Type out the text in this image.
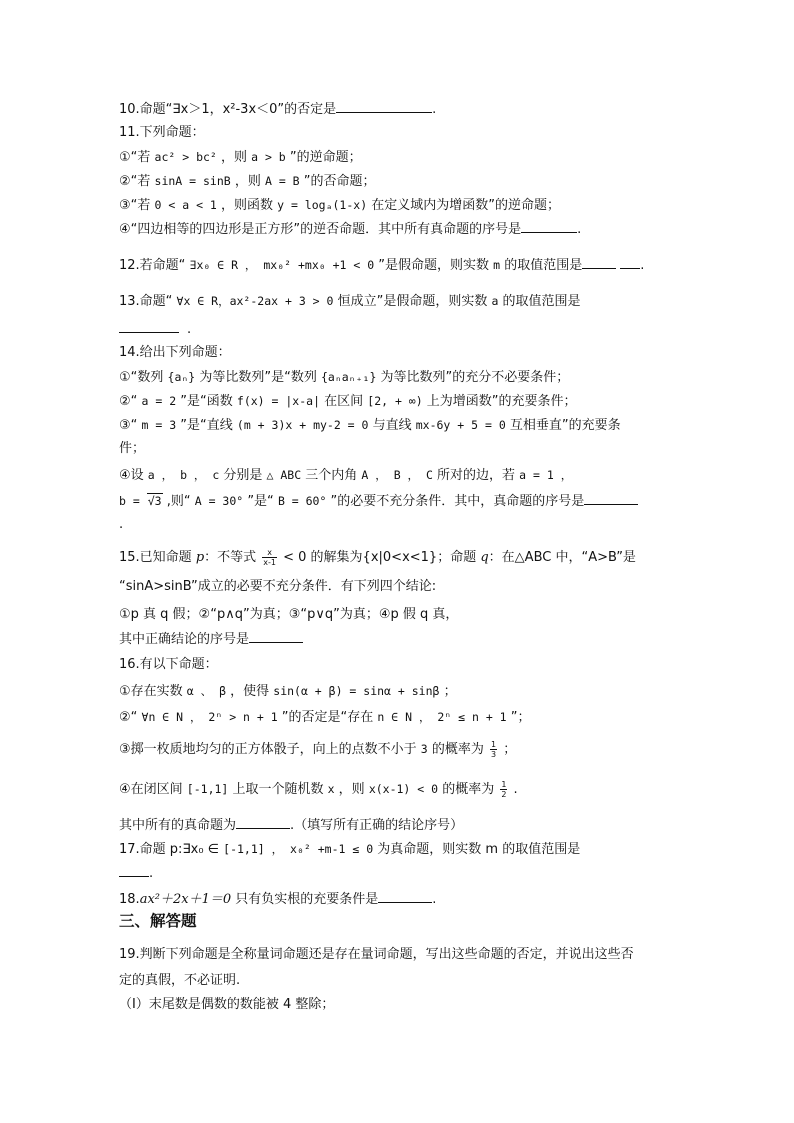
10.命题“∃x＞1，x²-3x＜0”的否定是	.
11.下列命题：
①“若 ac² > bc² ，则 a > b ”的逆命题；
②“若 sinA = sinB ，则 A = B ”的否命题；
③“若 0 < a < 1 ，则函数 y = logₐ(1-x) 在定义域内为增函数”的逆命题；
④“四边相等的四边形是正方形”的逆否命题．其中所有真命题的序号是	.
12.若命题“ ∃x₀ ∈ R ， mx₀² +mx₀ +1 < 0 ”是假命题，则实数 m 的取值范围是	.
13.命题“ ∀x ∈ R，ax²-2ax + 3 > 0 恒成立”是假命题，则实数 a 的取值范围是
.
14.给出下列命题：
①“数列 {aₙ} 为等比数列”是“数列 {aₙaₙ₊₁} 为等比数列”的充分不必要条件；
②“ a = 2 ”是“函数 f(x) = |x-a| 在区间 [2, + ∞) 上为增函数”的充要条件；
③“ m = 3 ”是“直线 (m + 3)x + my-2 = 0 与直线 mx-6y + 5 = 0 互相垂直”的充要条
件；
④设 a ， b ， c 分别是 △ ABC 三个内角 A ， B ， C 所对的边，若 a = 1 ，
b = √3 ,则“ A = 30° ”是“ B = 60° ”的必要不充分条件．其中，真命题的序号是
.
15.已知命题 p：不等式 $\frac{x}{x-1} < 0$ 的解集为{x|0<x<1}；命题 q：在△ABC 中，“A>B”是
“sinA>sinB”成立的必要不充分条件．有下列四个结论:
①p 真 q 假；②“p∧q”为真；③“p∨q”为真；④p 假 q 真，
其中正确结论的序号是
16.有以下命题：
①存在实数 α 、 β ，使得 sin(α + β) = sinα + sinβ ；
②“ ∀n ∈ N ， 2ⁿ > n + 1 ”的否定是“存在 n ∈ N ， 2ⁿ ≤ n + 1 ”；
③掷一枚质地均匀的正方体骰子，向上的点数不小于 3 的概率为 $\frac{1}{3}$ ；
④在闭区间 [-1,1] 上取一个随机数 x ，则 x(x-1) < 0 的概率为 $\frac{1}{2}$ .
其中所有的真命题为	.（填写所有正确的结论序号）
17.命题 p:∃x₀ ∈ [-1,1] ， x₀² +m-1 ≤ 0 为真命题，则实数 m 的取值范围是
.
18.ax²＋2x＋1＝0 只有负实根的充要条件是	.
三、解答题
19.判断下列命题是全称量词命题还是存在量词命题，写出这些命题的否定，并说出这些否
定的真假，不必证明.
（Ⅰ）末尾数是偶数的数能被 4 整除；
